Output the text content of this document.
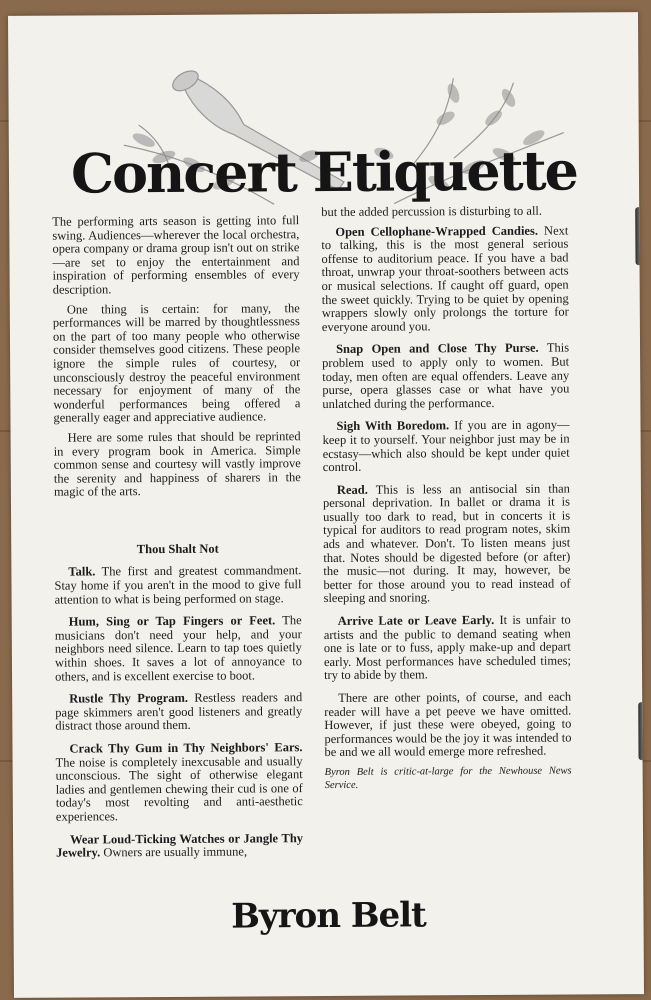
Concert Etiquette

The performing arts season is getting into full swing. Audiences—wherever the local orchestra, opera company or drama group isn't out on strike—are set to enjoy the entertainment and inspiration of performing ensembles of every description.

One thing is certain: for many, the performances will be marred by thoughtlessness on the part of too many people who otherwise consider themselves good citizens. These people ignore the simple rules of courtesy, or unconsciously destroy the peaceful environment necessary for enjoyment of many of the wonderful performances being offered a generally eager and appreciative audience.

Here are some rules that should be reprinted in every program book in America. Simple common sense and courtesy will vastly improve the serenity and happiness of sharers in the magic of the arts.

Thou Shalt Not

Talk. The first and greatest commandment. Stay home if you aren't in the mood to give full attention to what is being performed on stage.

Hum, Sing or Tap Fingers or Feet. The musicians don't need your help, and your neighbors need silence. Learn to tap toes quietly within shoes. It saves a lot of annoyance to others, and is excellent exercise to boot.

Rustle Thy Program. Restless readers and page skimmers aren't good listeners and greatly distract those around them.

Crack Thy Gum in Thy Neighbors' Ears. The noise is completely inexcusable and usually unconscious. The sight of otherwise elegant ladies and gentlemen chewing their cud is one of today's most revolting and anti-aesthetic experiences.

Wear Loud-Ticking Watches or Jangle Thy Jewelry. Owners are usually immune,

but the added percussion is disturbing to all.

Open Cellophane-Wrapped Candies. Next to talking, this is the most general serious offense to auditorium peace. If you have a bad throat, unwrap your throat-soothers between acts or musical selections. If caught off guard, open the sweet quickly. Trying to be quiet by opening wrappers slowly only prolongs the torture for everyone around you.

Snap Open and Close Thy Purse. This problem used to apply only to women. But today, men often are equal offenders. Leave any purse, opera glasses case or what have you unlatched during the performance.

Sigh With Boredom. If you are in agony—keep it to yourself. Your neighbor just may be in ecstasy—which also should be kept under quiet control.

Read. This is less an antisocial sin than personal deprivation. In ballet or drama it is usually too dark to read, but in concerts it is typical for auditors to read program notes, skim ads and whatever. Don't. To listen means just that. Notes should be digested before (or after) the music—not during. It may, however, be better for those around you to read instead of sleeping and snoring.

Arrive Late or Leave Early. It is unfair to artists and the public to demand seating when one is late or to fuss, apply make-up and depart early. Most performances have scheduled times; try to abide by them.

There are other points, of course, and each reader will have a pet peeve we have omitted. However, if just these were obeyed, going to performances would be the joy it was intended to be and we all would emerge more refreshed.

Byron Belt is critic-at-large for the Newhouse News Service.

Byron Belt
